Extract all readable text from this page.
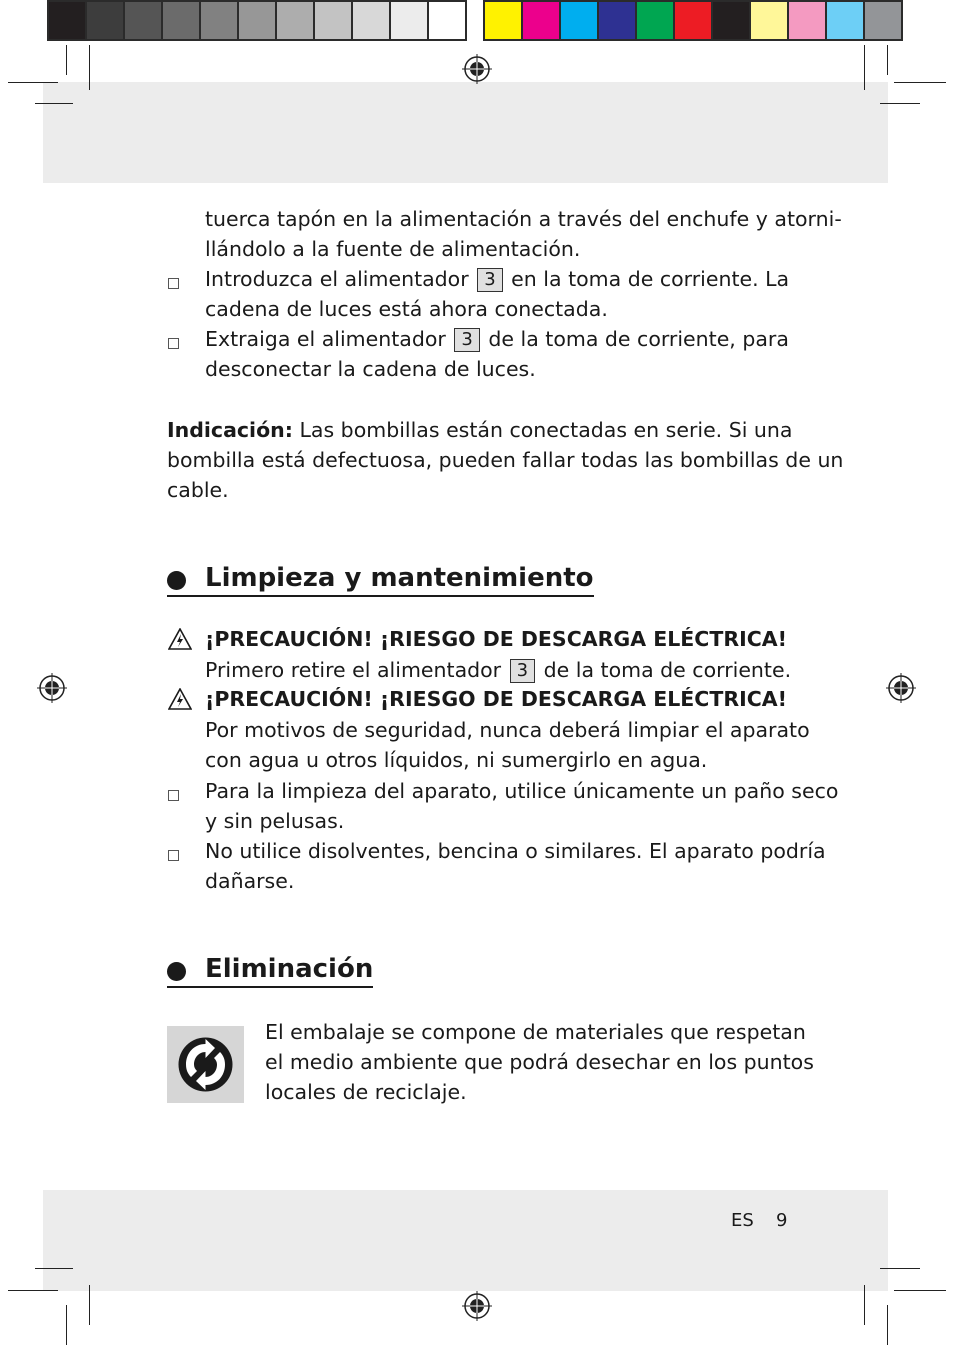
tuerca tapón en la alimentación a través del enchufe y atorni-
llándolo a la fuente de alimentación.
Introduzca el alimentador 3 en la toma de corriente. La
cadena de luces está ahora conectada.
Extraiga el alimentador 3 de la toma de corriente, para
desconectar la cadena de luces.
Indicación: Las bombillas están conectadas en serie. Si una
bombilla está defectuosa, pueden fallar todas las bombillas de un
cable.
Limpieza y mantenimiento
¡PRECAUCIÓN! ¡RIESGO DE DESCARGA ELÉCTRICA!
Primero retire el alimentador 3 de la toma de corriente.
¡PRECAUCIÓN! ¡RIESGO DE DESCARGA ELÉCTRICA!
Por motivos de seguridad, nunca deberá limpiar el aparato
con agua u otros líquidos, ni sumergirlo en agua.
Para la limpieza del aparato, utilice únicamente un paño seco
y sin pelusas.
No utilice disolventes, bencina o similares. El aparato podría
dañarse.
Eliminación
El embalaje se compone de materiales que respetan
el medio ambiente que podrá desechar en los puntos
locales de reciclaje.
ES 9
